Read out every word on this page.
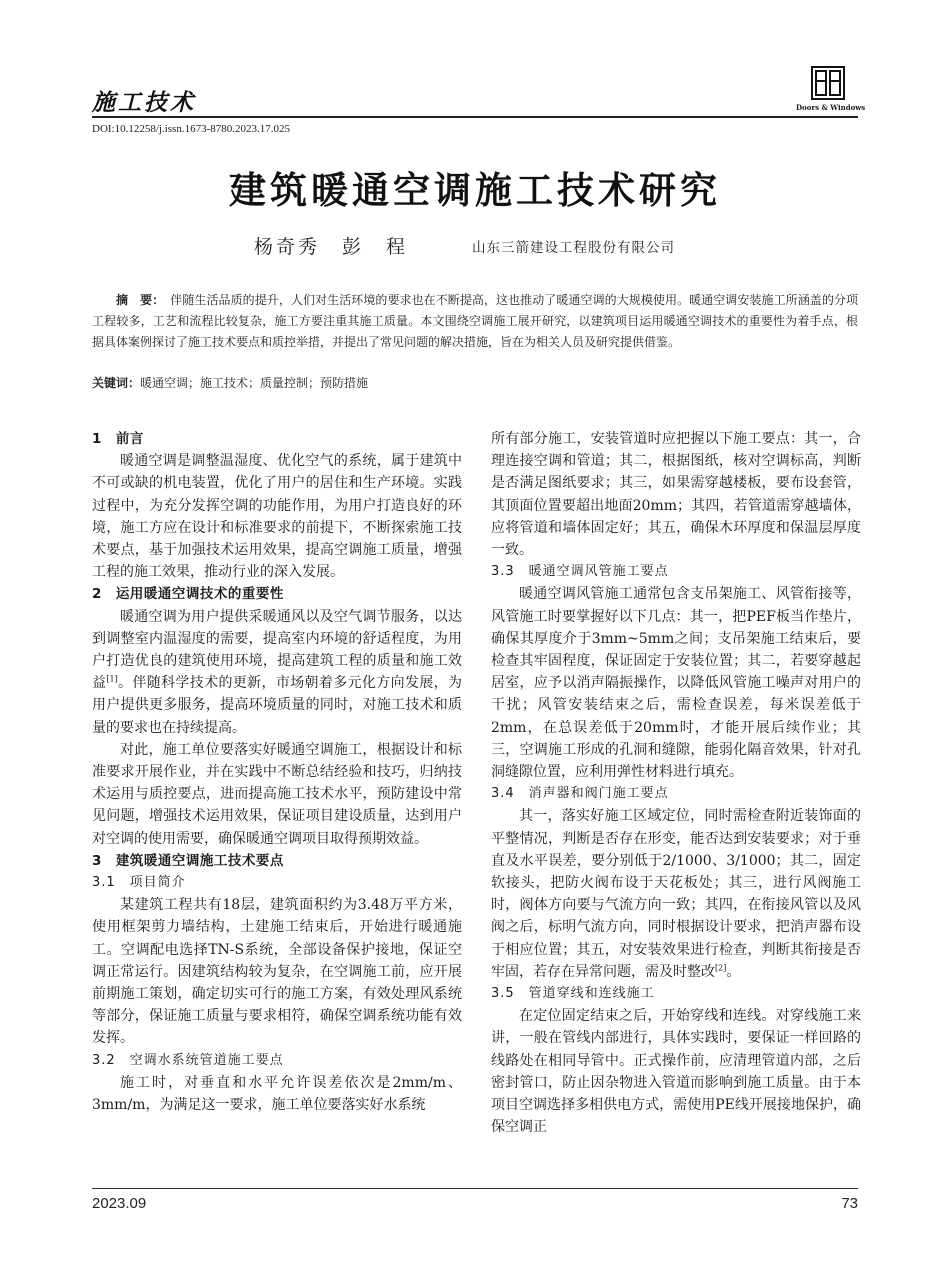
施工技术	Doors & Windows
DOI:10.12258/j.issn.1673-8780.2023.17.025
建筑暖通空调施工技术研究
杨奇秀　彭　程	山东三箭建设工程股份有限公司
摘　要： 伴随生活品质的提升，人们对生活环境的要求也在不断提高，这也推动了暖通空调的大规模使用。暖通空调安装施工所涵盖的分项工程较多，工艺和流程比较复杂，施工方要注重其施工质量。本文围绕空调施工展开研究，以建筑项目运用暖通空调技术的重要性为着手点，根据具体案例探讨了施工技术要点和质控举措，并提出了常见问题的解决措施，旨在为相关人员及研究提供借鉴。
关键词：暖通空调；施工技术；质量控制；预防措施
1　前言

暖通空调是调整温湿度、优化空气的系统，属于建筑中不可或缺的机电装置，优化了用户的居住和生产环境。实践过程中，为充分发挥空调的功能作用，为用户打造良好的环境，施工方应在设计和标准要求的前提下，不断探索施工技术要点，基于加强技术运用效果，提高空调施工质量，增强工程的施工效果，推动行业的深入发展。

2　运用暖通空调技术的重要性

暖通空调为用户提供采暖通风以及空气调节服务，以达到调整室内温湿度的需要，提高室内环境的舒适程度，为用户打造优良的建筑使用环境，提高建筑工程的质量和施工效益[1]。伴随科学技术的更新，市场朝着多元化方向发展，为用户提供更多服务，提高环境质量的同时，对施工技术和质量的要求也在持续提高。

对此，施工单位要落实好暖通空调施工，根据设计和标准要求开展作业，并在实践中不断总结经验和技巧，归纳技术运用与质控要点，进而提高施工技术水平，预防建设中常见问题，增强技术运用效果，保证项目建设质量，达到用户对空调的使用需要，确保暖通空调项目取得预期效益。

3　建筑暖通空调施工技术要点
3.1　项目简介

某建筑工程共有18层，建筑面积约为3.48万平方米，使用框架剪力墙结构，土建施工结束后，开始进行暖通施工。空调配电选择TN-S系统，全部设备保护接地，保证空调正常运行。因建筑结构较为复杂，在空调施工前，应开展前期施工策划，确定切实可行的施工方案，有效处理风系统等部分，保证施工质量与要求相符，确保空调系统功能有效发挥。

3.2　空调水系统管道施工要点

施工时，对垂直和水平允许误差依次是2mm/m、3mm/m，为满足这一要求，施工单位要落实好水系统

所有部分施工，安装管道时应把握以下施工要点：其一，合理连接空调和管道；其二，根据图纸，核对空调标高，判断是否满足图纸要求；其三，如果需穿越楼板，要布设套管，其顶面位置要超出地面20mm；其四，若管道需穿越墙体，应将管道和墙体固定好；其五，确保木环厚度和保温层厚度一致。

3.3　暖通空调风管施工要点

暖通空调风管施工通常包含支吊架施工、风管衔接等，风管施工时要掌握好以下几点：其一，把PEF板当作垫片，确保其厚度介于3mm~5mm之间；支吊架施工结束后，要检查其牢固程度，保证固定于安装位置；其二，若要穿越起居室，应予以消声隔振操作，以降低风管施工噪声对用户的干扰；风管安装结束之后，需检查误差，每米误差低于2mm，在总误差低于20mm时，才能开展后续作业；其三，空调施工形成的孔洞和缝隙，能弱化隔音效果，针对孔洞缝隙位置，应利用弹性材料进行填充。

3.4　消声器和阀门施工要点

其一，落实好施工区域定位，同时需检查附近装饰面的平整情况，判断是否存在形变，能否达到安装要求；对于垂直及水平误差，要分别低于2/1000、3/1000；其二，固定软接头，把防火阀布设于天花板处；其三，进行风阀施工时，阀体方向要与气流方向一致；其四，在衔接风管以及风阀之后，标明气流方向，同时根据设计要求，把消声器布设于相应位置；其五，对安装效果进行检查，判断其衔接是否牢固，若存在异常问题，需及时整改[2]。

3.5　管道穿线和连线施工

在定位固定结束之后，开始穿线和连线。对穿线施工来讲，一般在管线内部进行，具体实践时，要保证一样回路的线路处在相同导管中。正式操作前，应清理管道内部，之后密封管口，防止因杂物进入管道而影响到施工质量。由于本项目空调选择多相供电方式，需使用PE线开展接地保护，确保空调正

2023.09	73
